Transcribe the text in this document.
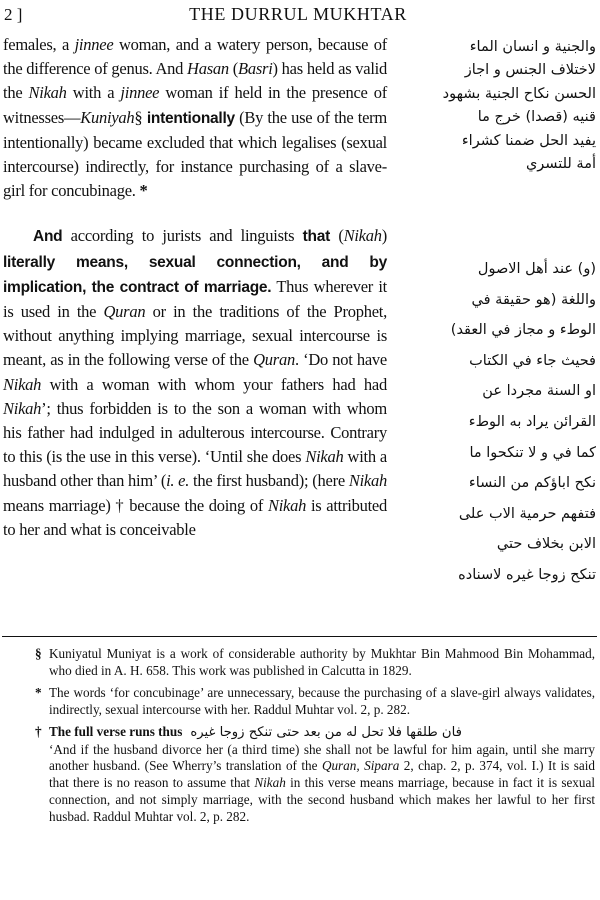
2 ]	THE DURRUL MUKHTAR

females, a jinnee woman, and a watery person, because of the difference of genus. And Hasan (Basri) has held as valid the Nikah with a jinnee woman if held in the presence of witnesses—Kuniyah§ intentionally (By the use of the term intentionally) became excluded that which legalises (sexual intercourse) indirectly, for instance purchasing of a slave-girl for concubinage. *

And according to jurists and linguists that (Nikah) literally means, sexual connection, and by implication, the contract of marriage. Thus wherever it is used in the Quran or in the traditions of the Prophet, without anything implying marriage, sexual intercourse is meant, as in the following verse of the Quran. ‘Do not have Nikah with a woman with whom your fathers had had Nikah’; thus forbidden is to the son a woman with whom his father had indulged in adulterous intercourse. Contrary to this (is the use in this verse). ‘Until she does Nikah with a husband other than him’ (i. e. the first husband); (here Nikah means marriage) † because the doing of Nikah is attributed to her and what is conceivable

والجنية و انسان الماء
لاختلاف الجنس و اجاز
الحسن نكاح الجنية بشهود
قنيه (قصدا) خرج ما
يفيد الحل ضمنا كشراء
أمة للتسري
(و) عند أهل الاصول
واللغة (هو حقيقة في
الوطء و مجاز في العقد)
فحيث جاء في الكتاب
او السنة مجردا عن
القرائن يراد به الوطء
كما في و لا تنكحوا ما
نكح اباؤكم من النساء
فتفهم حرمية الاب على
الابن بخلاف حتي
تنكح زوجا غيره لاسناده

§ Kuniyatul Muniyat is a work of considerable authority by Mukhtar Bin Mahmood Bin Mohammad, who died in A. H. 658. This work was published in Calcutta in 1829.

* The words ‘for concubinage’ are unnecessary, because the purchasing of a slave-girl always validates, indirectly, sexual intercourse with her. Raddul Muhtar vol. 2, p. 282.

† The full verse runs thus فان طلقها فلا تحل له من بعد حتى تنكح زوجا غيره
‘And if the husband divorce her (a third time) she shall not be lawful for him again, until she marry another husband. (See Wherry’s translation of the Quran, Sipara 2, chap. 2, p. 374, vol. I.) It is said that there is no reason to assume that Nikah in this verse means marriage, because in fact it is sexual connection, and not simply marriage, with the second husband which makes her lawful to her first husbad. Raddul Muhtar vol. 2, p. 282.
